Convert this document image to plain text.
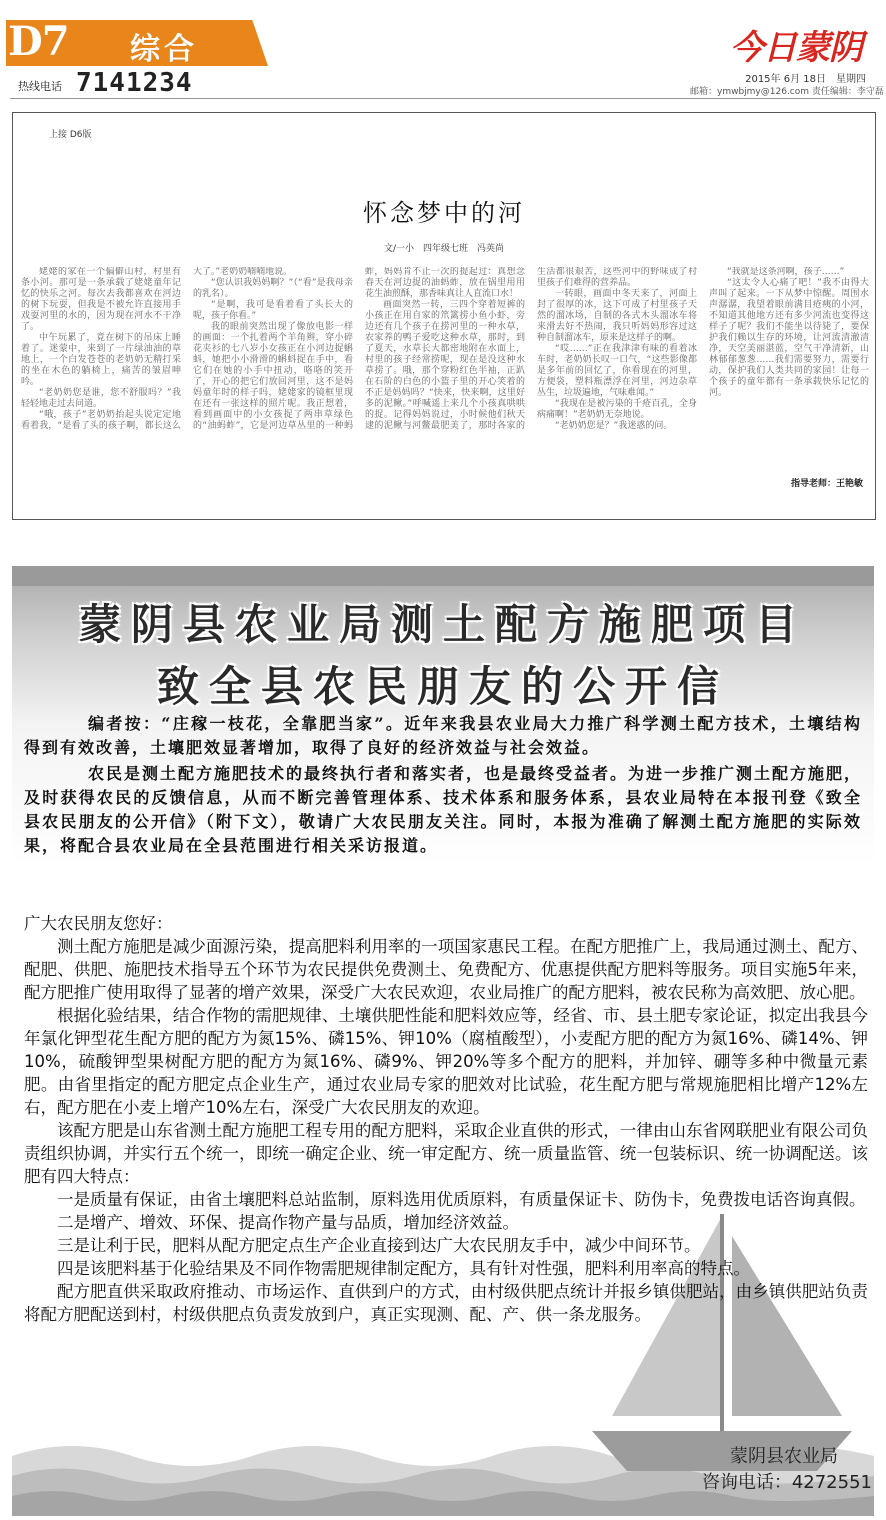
D7 综合
热线电话 7141234
今日蒙阴
2015年 6月 18日　星期四
邮箱：ymwbjmy@126.com 责任编辑：李守磊
上接 D6版
怀念梦中的河
文/一小　四年级七班　冯英尚

姥姥的家在一个偏僻山村，村里有条小河。那可是一条承载了姥姥童年记忆的快乐之河。每次去我都喜欢在河边的树下玩耍，但我是不被允许直接用手戏耍河里的水的，因为现在河水不干净了。

中午玩累了，竟在树下的吊床上睡着了。迷蒙中，来到了一片绿油油的草地上，一个白发苍苍的老奶奶无精打采的坐在木色的躺椅上，痛苦的皱眉呻吟。

“老奶奶您是谁，您不舒服吗？”我轻轻地走过去问道。

“哦，孩子”老奶奶抬起头说定定地看着我，“是看了头的孩子啊，都长这么大了。”老奶奶喃喃地说。

“您认识我妈妈啊？”（“看”是我母亲的乳名）。

“是啊，我可是看着看了头长大的呢，孩子你看。”

我的眼前突然出现了像放电影一样的画面：一个扎着两个羊角辫，穿小碎花夹衫的七八岁小女孩正在小河边捉蝌蚪，她把小小滑滑的蝌蚪捉在手中，看它们在她的小手中扭动，咯咯的笑开了，开心的把它们放回河里，这不是妈妈童年时的样子吗，姥姥家的镜框里现在还有一张这样的照片呢。我正想着，看到画面中的小女孩捉了两串草绿色的“油蚂蚱”，它是河边草丛里的一种蚂蚱，妈妈肯不止一次的提起过：真想念春天在河边捉的油蚂蚱，放在锅里用用花生油煎酥，那香味真让人直流口水！

画面突然一转，三四个穿着短裤的小孩正在用自家的笊篱捞小鱼小虾，旁边还有几个孩子在捞河里的一种水草，农家养的鸭子爱吃这种水草，那时，到了夏天，水草长大都密地附在水面上，村里的孩子经常捞呢，现在是没这种水草捞了。哦，那个穿粉红色半袖，正趴在石阶的白色的小篮子里的开心笑着的不正是妈妈吗？“快来，快来啊，这里好多的泥鳅。”呼喊遥上来几个小孩真哄哄的捉。记得妈妈说过，小时候他们秋天逮的泥鳅与河鳖最肥美了，那时各家的生活都很艰苦，这些河中的野味成了村里孩子们难得的营养品。

一转眼，画面中冬天来了，河面上封了很厚的冰，这下可成了村里孩子天然的溜冰场，自制的各式木头溜冰车将来滑去好不热闹，我只听妈妈形容过这种自制溜冰车，原来是这样子的啊。

“哎……”正在我津津有味的看着冰车时，老奶奶长叹一口气，“这些影像都是多年前的回忆了，你看现在的河里，方便袋，塑料瓶漂浮在河里，河边杂草丛生，垃圾遍地，气味难闻。”

“我现在是被污染的千疮百孔，全身病痛啊！”老奶奶无奈地说。

“老奶奶您是？”我迷惑的问。

“我就是这条河啊，孩子……”

“这太令人心痛了吧！”我不由得大声叫了起来。一下从梦中惊醒。周围水声潺潺，我望着眼前满目疮痍的小河，不知道其他地方还有多少河流也变得这样子了呢？我们不能坐以待毙了，要保护我们赖以生存的环境，让河流清澈清净，天空美丽湛蓝，空气干净清新，山林郁郁葱葱……我们需要努力，需要行动，保护我们人类共同的家园！让每一个孩子的童年都有一条承载快乐记忆的河。

指导老师：王艳敏
蒙阴县农业局测土配方施肥项目
致全县农民朋友的公开信

编者按：“庄稼一枝花，全靠肥当家”。近年来我县农业局大力推广科学测土配方技术，土壤结构得到有效改善，土壤肥效显著增加，取得了良好的经济效益与社会效益。

农民是测土配方施肥技术的最终执行者和落实者，也是最终受益者。为进一步推广测土配方施肥，及时获得农民的反馈信息，从而不断完善管理体系、技术体系和服务体系，县农业局特在本报刊登《致全县农民朋友的公开信》（附下文），敬请广大农民朋友关注。同时，本报为准确了解测土配方施肥的实际效果，将配合县农业局在全县范围进行相关采访报道。

广大农民朋友您好：

测土配方施肥是减少面源污染，提高肥料利用率的一项国家惠民工程。在配方肥推广上，我局通过测土、配方、配肥、供肥、施肥技术指导五个环节为农民提供免费测土、免费配方、优惠提供配方肥料等服务。项目实施5年来，配方肥推广使用取得了显著的增产效果，深受广大农民欢迎，农业局推广的配方肥料，被农民称为高效肥、放心肥。

根据化验结果，结合作物的需肥规律、土壤供肥性能和肥料效应等，经省、市、县土肥专家论证，拟定出我县今年氯化钾型花生配方肥的配方为氮15%、磷15%、钾10%（腐植酸型），小麦配方肥的配方为氮16%、磷14%、钾10%，硫酸钾型果树配方肥的配方为氮16%、磷9%、钾20%等多个配方的肥料，并加锌、硼等多种中微量元素肥。由省里指定的配方肥定点企业生产，通过农业局专家的肥效对比试验，花生配方肥与常规施肥相比增产12%左右，配方肥在小麦上增产10%左右，深受广大农民朋友的欢迎。

该配方肥是山东省测土配方施肥工程专用的配方肥料，采取企业直供的形式，一律由山东省网联肥业有限公司负责组织协调，并实行五个统一，即统一确定企业、统一审定配方、统一质量监管、统一包装标识、统一协调配送。该肥有四大特点：

一是质量有保证，由省土壤肥料总站监制，原料选用优质原料，有质量保证卡、防伪卡，免费拨电话咨询真假。

二是增产、增效、环保、提高作物产量与品质，增加经济效益。

三是让利于民，肥料从配方肥定点生产企业直接到达广大农民朋友手中，减少中间环节。

四是该肥料基于化验结果及不同作物需肥规律制定配方，具有针对性强，肥料利用率高的特点。

配方肥直供采取政府推动、市场运作、直供到户的方式，由村级供肥点统计并报乡镇供肥站，由乡镇供肥站负责将配方肥配送到村，村级供肥点负责发放到户，真正实现测、配、产、供一条龙服务。

蒙阴县农业局
咨询电话：4272551
